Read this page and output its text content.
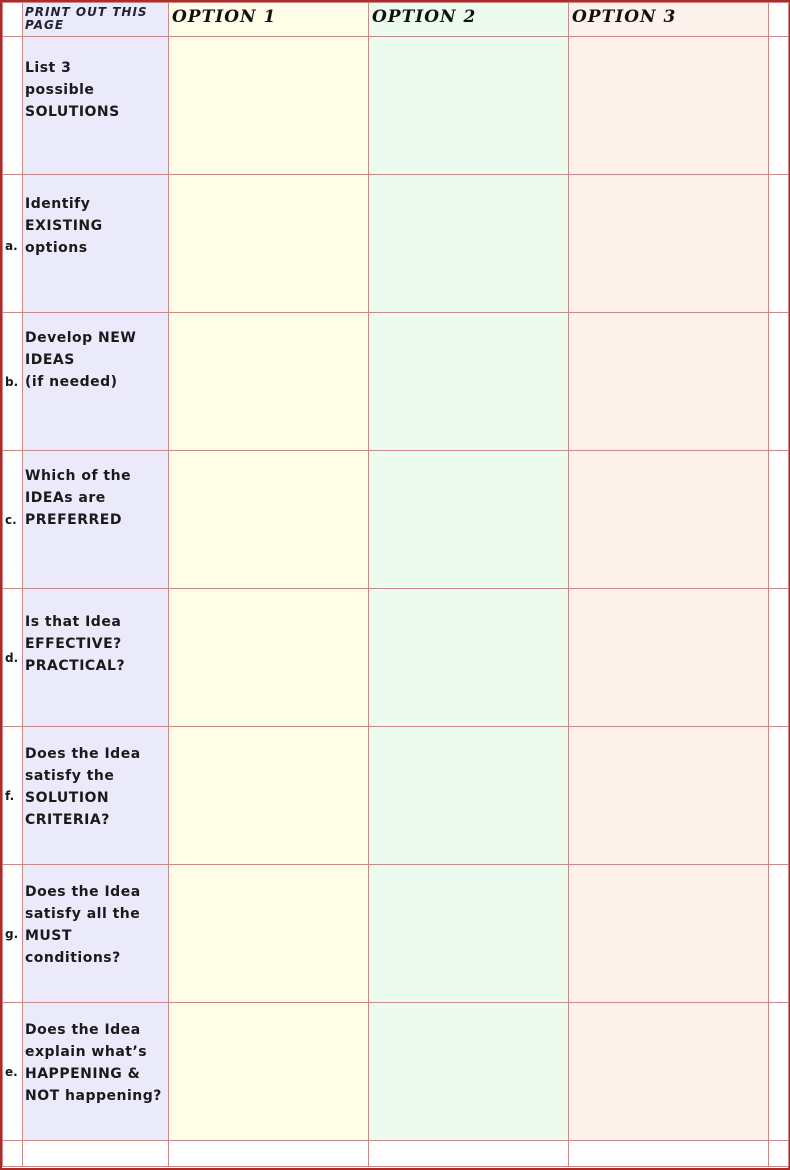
	PRINT OUT THIS PAGE	OPTION 1	OPTION 2	OPTION 3	

	List 3
possible
SOLUTIONS				

a.	Identify EXISTING
options				

b.	Develop NEW
IDEAS
(if needed)				

c.	Which of the
IDEAs are
PREFERRED				

d.	Is that Idea
EFFECTIVE?
PRACTICAL?				

f.	Does the Idea
satisfy the
SOLUTION
CRITERIA?				

g.	Does the Idea
satisfy all the
MUST conditions?				

e.	Does the Idea
explain what’s
HAPPENING &
NOT happening?				
